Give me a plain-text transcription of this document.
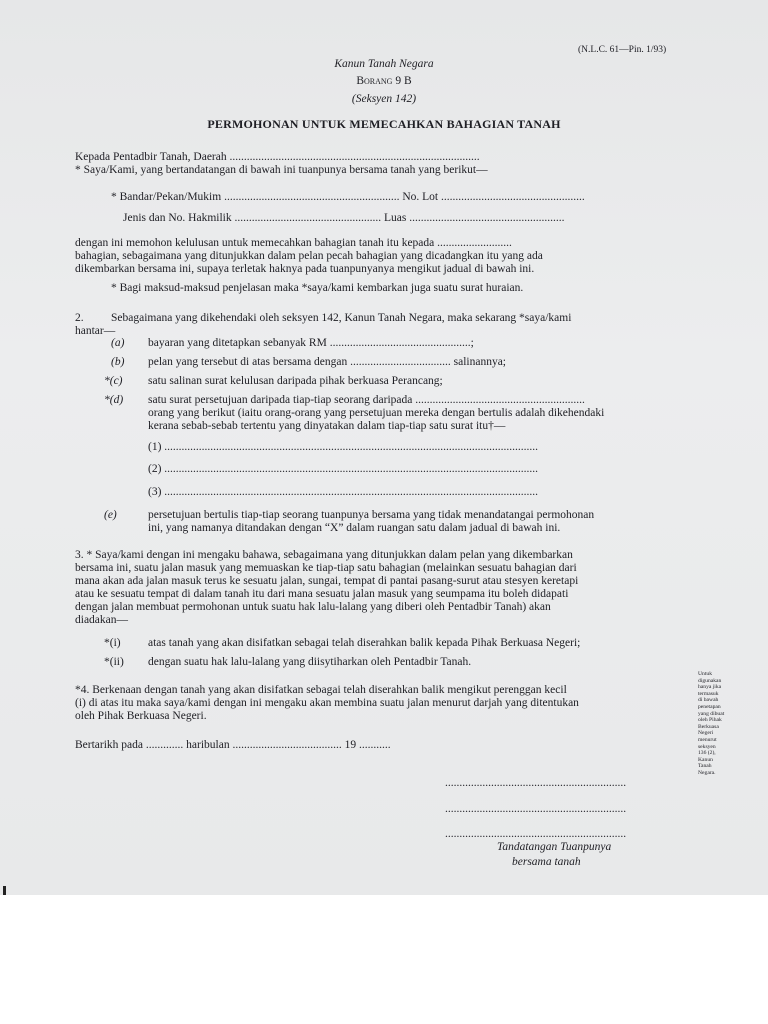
(N.L.C. 61—Pin. 1/93)
Kanun Tanah Negara
Borang 9 B
(Seksyen 142)
PERMOHONAN UNTUK MEMECAHKAN BAHAGIAN TANAH
Kepada Pentadbir Tanah, Daerah .......................................................................................
* Saya/Kami, yang bertandatangan di bawah ini tuanpunya bersama tanah yang berikut—
* Bandar/Pekan/Mukim ............................................................. No. Lot ..................................................
Jenis dan No. Hakmilik ................................................... Luas ......................................................
dengan ini memohon kelulusan untuk memecahkan bahagian tanah itu kepada ..........................
bahagian, sebagaimana yang ditunjukkan dalam pelan pecah bahagian yang dicadangkan itu yang ada
dikembarkan bersama ini, supaya terletak haknya pada tuanpunyanya mengikut jadual di bawah ini.
* Bagi maksud-maksud penjelasan maka *saya/kami kembarkan juga suatu surat huraian.
2. Sebagaimana yang dikehendaki oleh seksyen 142, Kanun Tanah Negara, maka sekarang *saya/kami
hantar—
(a) bayaran yang ditetapkan sebanyak RM .................................................;
(b) pelan yang tersebut di atas bersama dengan ................................... salinannya;
*(c) satu salinan surat kelulusan daripada pihak berkuasa Perancang;
*(d) satu surat persetujuan daripada tiap-tiap seorang daripada ...........................................................
orang yang berikut (iaitu orang-orang yang persetujuan mereka dengan bertulis adalah dikehendaki
kerana sebab-sebab tertentu yang dinyatakan dalam tiap-tiap satu surat itu†—
(1) ..................................................................................................................................
(2) ..................................................................................................................................
(3) ..................................................................................................................................
(e)	persetujuan bertulis tiap-tiap seorang tuanpunya bersama yang tidak menandatangai permohonan
ini, yang namanya ditandakan dengan “X” dalam ruangan satu dalam jadual di bawah ini.
3. * Saya/kami dengan ini mengaku bahawa, sebagaimana yang ditunjukkan dalam pelan yang dikembarkan
bersama ini, suatu jalan masuk yang memuaskan ke tiap-tiap satu bahagian (melainkan sesuatu bahagian dari
mana akan ada jalan masuk terus ke sesuatu jalan, sungai, tempat di pantai pasang-surut atau stesyen keretapi
atau ke sesuatu tempat di dalam tanah itu dari mana sesuatu jalan masuk yang seumpama itu boleh didapati
dengan jalan membuat permohonan untuk suatu hak lalu-lalang yang diberi oleh Pentadbir Tanah) akan
diadakan—
*(i) atas tanah yang akan disifatkan sebagai telah diserahkan balik kepada Pihak Berkuasa Negeri;
*(ii) dengan suatu hak lalu-lalang yang diisytiharkan oleh Pentadbir Tanah.
*4. Berkenaan dengan tanah yang akan disifatkan sebagai telah diserahkan balik mengikut perenggan kecil
(i) di atas itu maka saya/kami dengan ini mengaku akan membina suatu jalan menurut darjah yang ditentukan
oleh Pihak Berkuasa Negeri.
Untuk
digunakan
hanya jika
termasuk
di bawah
penetapan
yang dibuat
oleh Pihak
Berkuasa
Negeri
menurut
seksyen
136 (2),
Kanun
Tanah
Negara.
Bertarikh pada ............. haribulan ...................................... 19 ...........
...............................................................
...............................................................
...............................................................
Tandatangan Tuanpunya
bersama tanah
